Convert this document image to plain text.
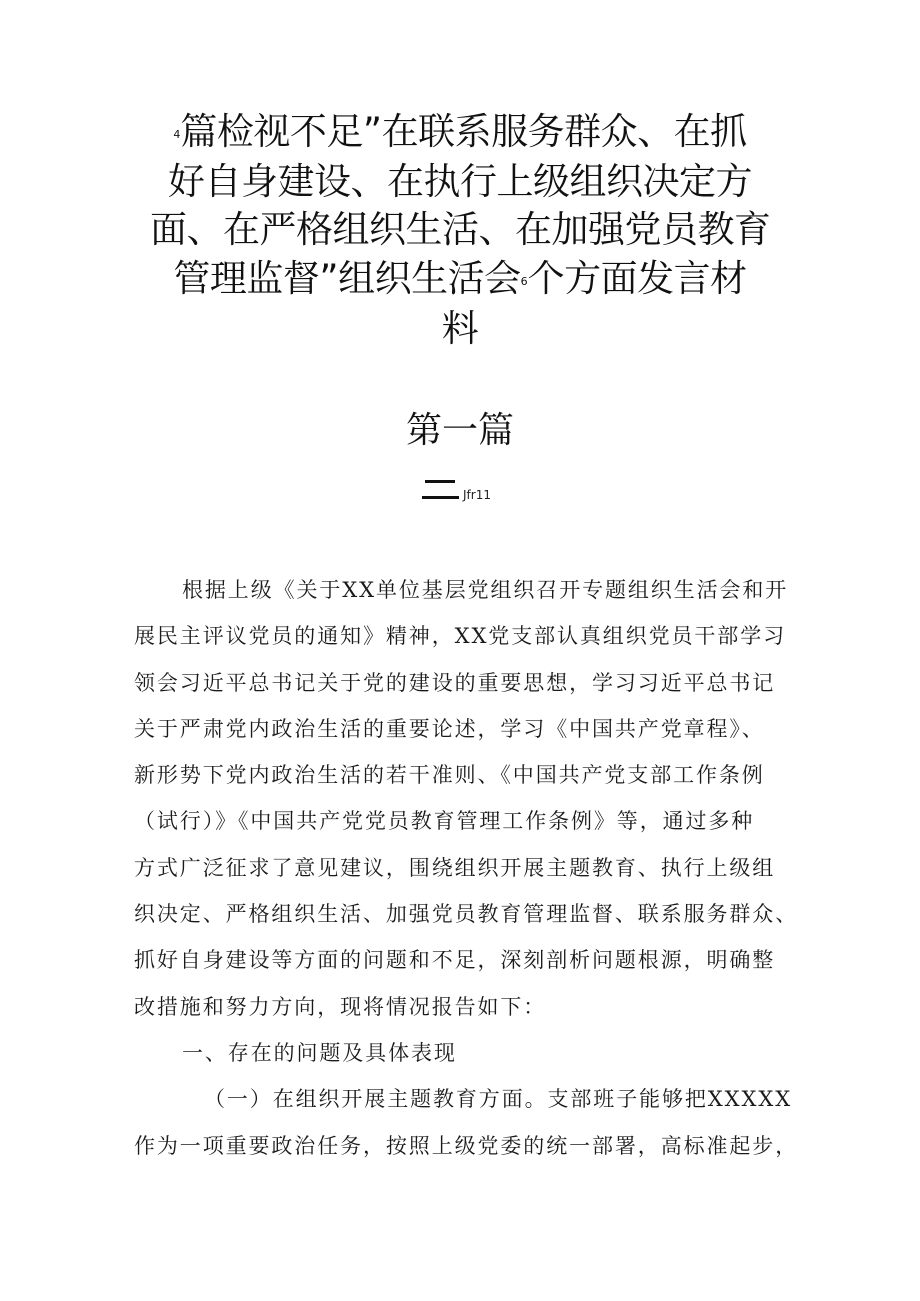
4篇检视不足”在联系服务群众、在抓
好自身建设、在执行上级组织决定方
面、在严格组织生活、在加强党员教育
管理监督”组织生活会6个方面发言材
料
第一篇
Jfr11
根据上级《关于XX单位基层党组织召开专题组织生活会和开
展民主评议党员的通知》精神，XX党支部认真组织党员干部学习
领会习近平总书记关于党的建设的重要思想，学习习近平总书记
关于严肃党内政治生活的重要论述，学习《中国共产党章程》、
新形势下党内政治生活的若干准则、《中国共产党支部工作条例
（试行）》《中国共产党党员教育管理工作条例》等，通过多种
方式广泛征求了意见建议，围绕组织开展主题教育、执行上级组
织决定、严格组织生活、加强党员教育管理监督、联系服务群众、
抓好自身建设等方面的问题和不足，深刻剖析问题根源，明确整
改措施和努力方向，现将情况报告如下：
一、存在的问题及具体表现
（一）在组织开展主题教育方面。支部班子能够把XXXXX
作为一项重要政治任务，按照上级党委的统一部署，高标准起步，
